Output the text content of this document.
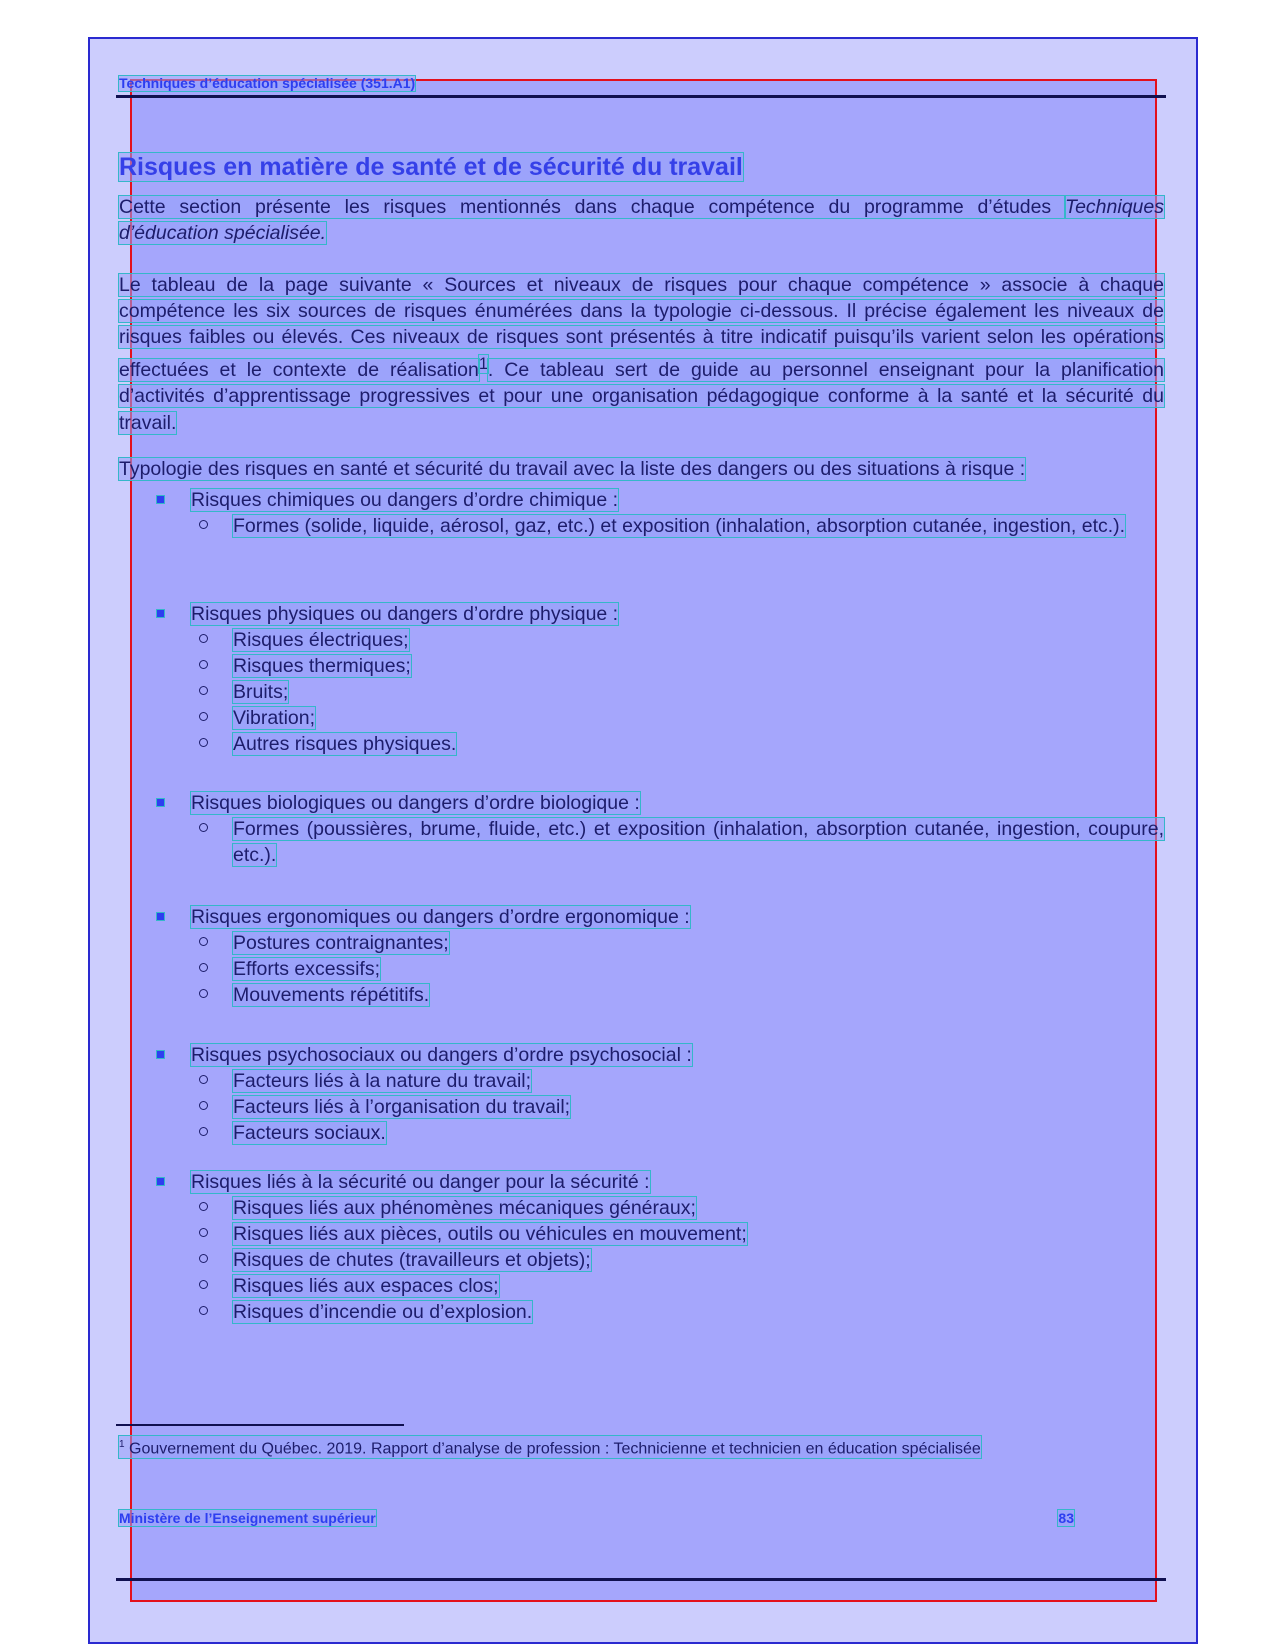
Techniques d’éducation spécialisée (351.A1)
Risques en matière de santé et de sécurité du travail

Cette section présente les risques mentionnés dans chaque compétence du programme d’études Techniques d’éducation spécialisée.

Le tableau de la page suivante « Sources et niveaux de risques pour chaque compétence » associe à chaque compétence les six sources de risques énumérées dans la typologie ci-dessous. Il précise également les niveaux de risques faibles ou élevés. Ces niveaux de risques sont présentés à titre indicatif puisqu’ils varient selon les opérations effectuées et le contexte de réalisation$^1$. Ce tableau sert de guide au personnel enseignant pour la planification d’activités d’apprentissage progressives et pour une organisation pédagogique conforme à la santé et la sécurité du travail.

Typologie des risques en santé et sécurité du travail avec la liste des dangers ou des situations à risque :

Risques chimiques ou dangers d’ordre chimique :

Formes (solide, liquide, aérosol, gaz, etc.) et exposition (inhalation, absorption cutanée, ingestion, etc.).

Risques physiques ou dangers d’ordre physique :

Risques électriques;

Risques thermiques;

Bruits;

Vibration;

Autres risques physiques.

Risques biologiques ou dangers d’ordre biologique :

Formes (poussières, brume, fluide, etc.) et exposition (inhalation, absorption cutanée, ingestion, coupure, etc.).

Risques ergonomiques ou dangers d’ordre ergonomique :

Postures contraignantes;

Efforts excessifs;

Mouvements répétitifs.

Risques psychosociaux ou dangers d’ordre psychosocial :

Facteurs liés à la nature du travail;

Facteurs liés à l’organisation du travail;

Facteurs sociaux.

Risques liés à la sécurité ou danger pour la sécurité :

Risques liés aux phénomènes mécaniques généraux;

Risques liés aux pièces, outils ou véhicules en mouvement;

Risques de chutes (travailleurs et objets);

Risques liés aux espaces clos;

Risques d’incendie ou d’explosion.

$^1$ Gouvernement du Québec. 2019. Rapport d’analyse de profession : Technicienne et technicien en éducation spécialisée
Ministère de l’Enseignement supérieur	83
